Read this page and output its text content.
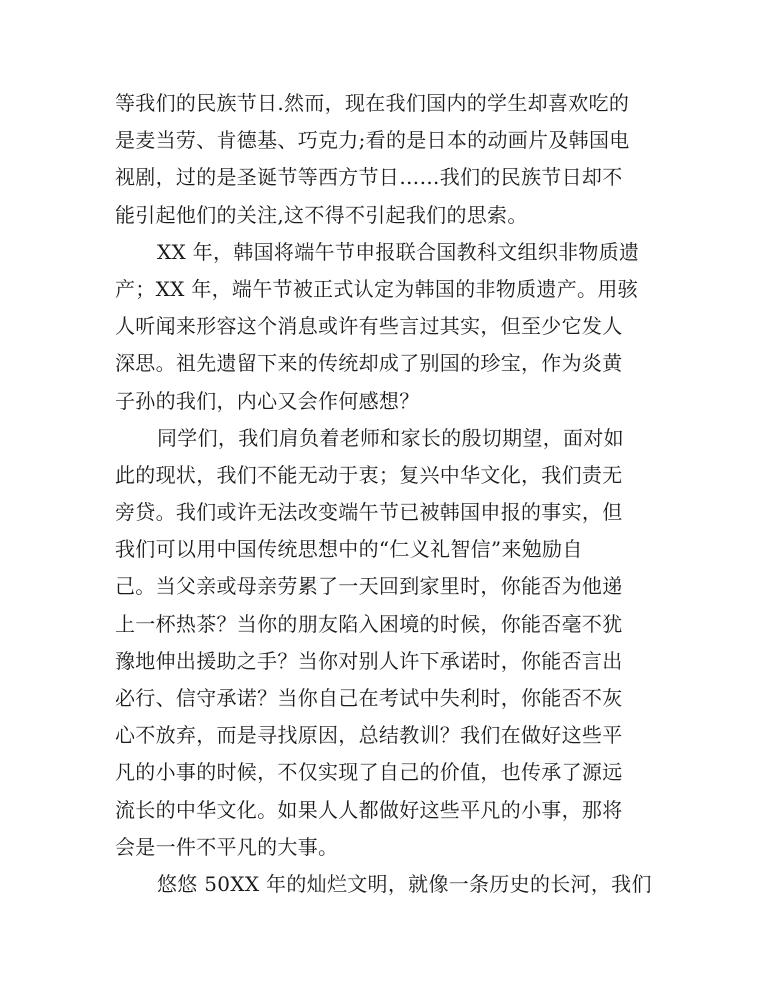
等我们的民族节日.然而，现在我们国内的学生却喜欢吃的
是麦当劳、肯德基、巧克力;看的是日本的动画片及韩国电
视剧，过的是圣诞节等西方节日……我们的民族节日却不
能引起他们的关注,这不得不引起我们的思索。
XX 年，韩国将端午节申报联合国教科文组织非物质遗
产；XX 年，端午节被正式认定为韩国的非物质遗产。用骇
人听闻来形容这个消息或许有些言过其实，但至少它发人
深思。祖先遗留下来的传统却成了别国的珍宝，作为炎黄
子孙的我们，内心又会作何感想？
同学们，我们肩负着老师和家长的殷切期望，面对如
此的现状，我们不能无动于衷；复兴中华文化，我们责无
旁贷。我们或许无法改变端午节已被韩国申报的事实，但
我们可以用中国传统思想中的“仁义礼智信”来勉励自
己。当父亲或母亲劳累了一天回到家里时，你能否为他递
上一杯热茶？当你的朋友陷入困境的时候，你能否毫不犹
豫地伸出援助之手？当你对别人许下承诺时，你能否言出
必行、信守承诺？当你自己在考试中失利时，你能否不灰
心不放弃，而是寻找原因，总结教训？我们在做好这些平
凡的小事的时候，不仅实现了自己的价值，也传承了源远
流长的中华文化。如果人人都做好这些平凡的小事，那将
会是一件不平凡的大事。
悠悠 50XX 年的灿烂文明，就像一条历史的长河，我们
